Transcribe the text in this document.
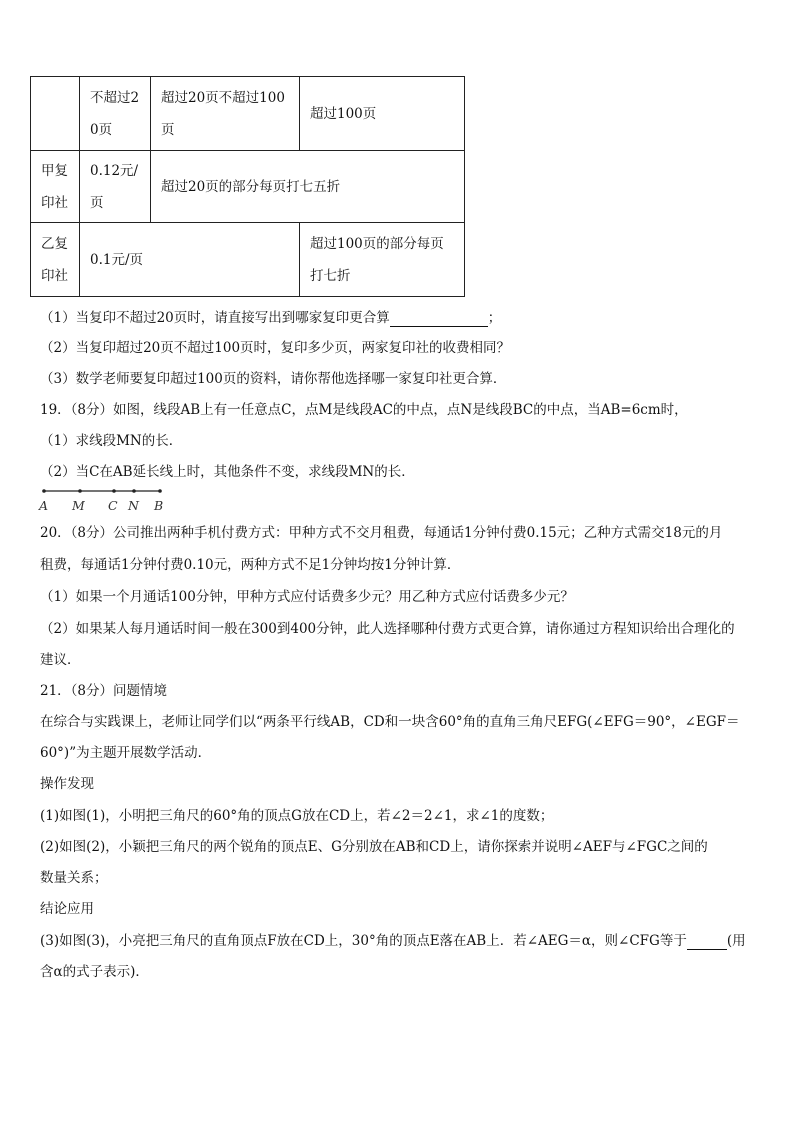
	不超过20页	超过20页不超过100页	超过100页
甲复印社	0.12元/页	超过20页的部分每页打七五折	
乙复印社	0.1元/页		超过100页的部分每页打七折
（1）当复印不超过20页时，请直接写出到哪家复印更合算	；
（2）当复印超过20页不超过100页时，复印多少页，两家复印社的收费相同？
（3）数学老师要复印超过100页的资料，请你帮他选择哪一家复印社更合算．
19．（8分）如图，线段AB上有一任意点C，点M是线段AC的中点，点N是线段BC的中点，当AB=6cm时，
（1）求线段MN的长．
（2）当C在AB延长线上时，其他条件不变，求线段MN的长．
A M C N B
20．（8分）公司推出两种手机付费方式：甲种方式不交月租费，每通话1分钟付费0.15元；乙种方式需交18元的月
租费，每通话1分钟付费0.10元，两种方式不足1分钟均按1分钟计算．
（1）如果一个月通话100分钟，甲种方式应付话费多少元？用乙种方式应付话费多少元？
（2）如果某人每月通话时间一般在300到400分钟，此人选择哪种付费方式更合算，请你通过方程知识给出合理化的
建议．
21．（8分）问题情境
在综合与实践课上，老师让同学们以“两条平行线AB，CD和一块含60°角的直角三角尺EFG(∠EFG＝90°，∠EGF＝
60°)”为主题开展数学活动．
操作发现
(1)如图(1)，小明把三角尺的60°角的顶点G放在CD上，若∠2＝2∠1，求∠1的度数；
(2)如图(2)，小颖把三角尺的两个锐角的顶点E、G分别放在AB和CD上，请你探索并说明∠AEF与∠FGC之间的
数量关系；
结论应用
(3)如图(3)，小亮把三角尺的直角顶点F放在CD上，30°角的顶点E落在AB上．若∠AEG＝α，则∠CFG等于	(用
含α的式子表示)．
